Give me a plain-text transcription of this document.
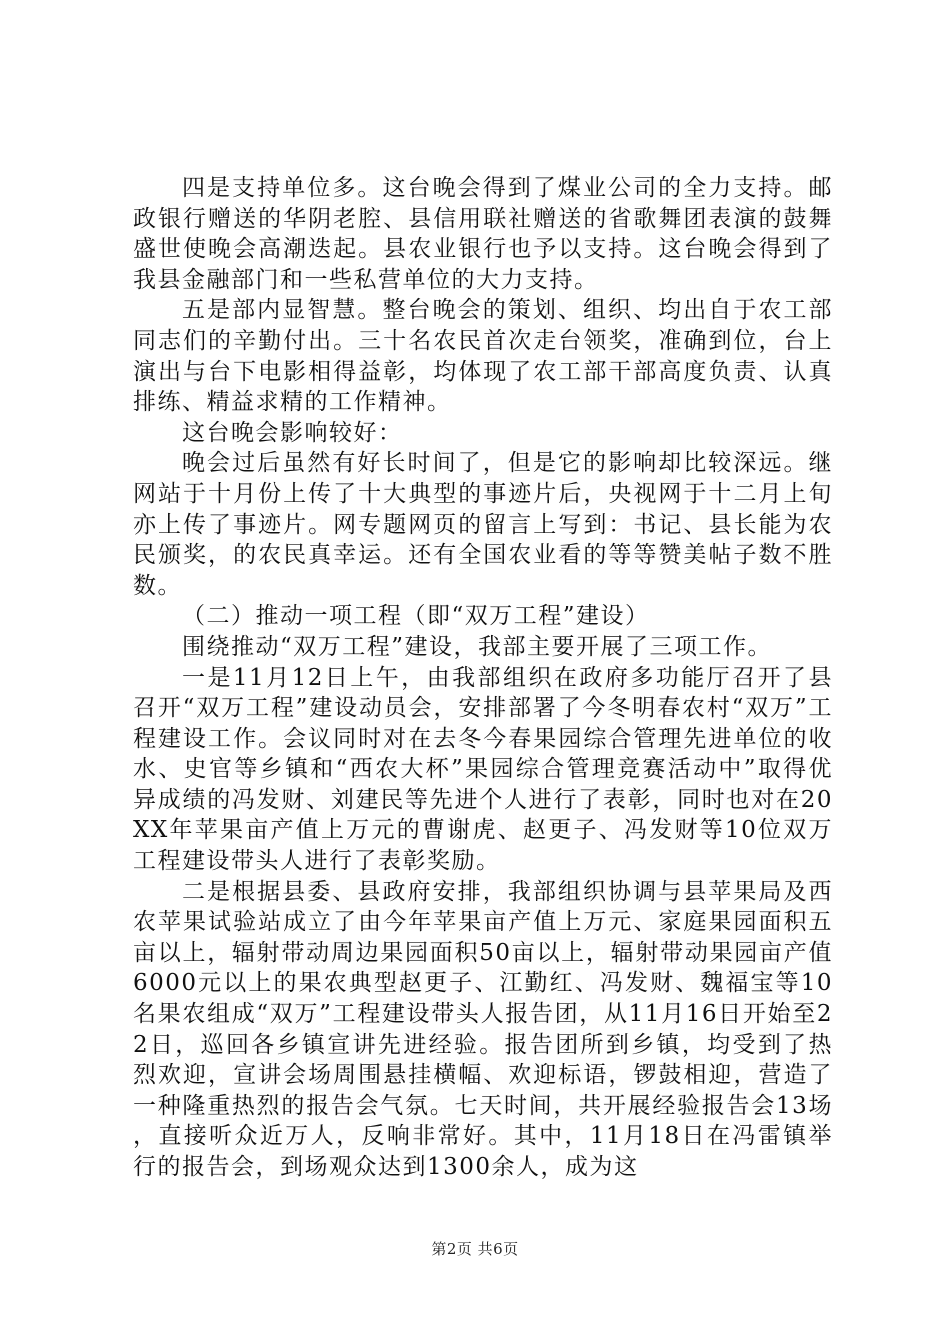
四是支持单位多。这台晚会得到了煤业公司的全力支持。邮政银行赠送的华阴老腔、县信用联社赠送的省歌舞团表演的鼓舞盛世使晚会高潮迭起。县农业银行也予以支持。这台晚会得到了我县金融部门和一些私营单位的大力支持。

五是部内显智慧。整台晚会的策划、组织、均出自于农工部同志们的辛勤付出。三十名农民首次走台领奖，准确到位，台上演出与台下电影相得益彰，均体现了农工部干部高度负责、认真排练、精益求精的工作精神。

这台晚会影响较好：

晚会过后虽然有好长时间了，但是它的影响却比较深远。继网站于十月份上传了十大典型的事迹片后，央视网于十二月上旬亦上传了事迹片。网专题网页的留言上写到：书记、县长能为农民颁奖，的农民真幸运。还有全国农业看的等等赞美帖子数不胜数。

（二）推动一项工程（即“双万工程”建设）

围绕推动“双万工程”建设，我部主要开展了三项工作。

一是11月12日上午，由我部组织在政府多功能厅召开了县召开“双万工程”建设动员会，安排部署了今冬明春农村“双万”工程建设工作。会议同时对在去冬今春果园综合管理先进单位的收水、史官等乡镇和“西农大杯”果园综合管理竞赛活动中”取得优异成绩的冯发财、刘建民等先进个人进行了表彰，同时也对在20XX年苹果亩产值上万元的曹谢虎、赵更子、冯发财等10位双万工程建设带头人进行了表彰奖励。

二是根据县委、县政府安排，我部组织协调与县苹果局及西农苹果试验站成立了由今年苹果亩产值上万元、家庭果园面积五亩以上，辐射带动周边果园面积50亩以上，辐射带动果园亩产值6000元以上的果农典型赵更子、江勤红、冯发财、魏福宝等10名果农组成“双万”工程建设带头人报告团，从11月16日开始至22日，巡回各乡镇宣讲先进经验。报告团所到乡镇，均受到了热烈欢迎，宣讲会场周围悬挂横幅、欢迎标语，锣鼓相迎，营造了一种隆重热烈的报告会气氛。七天时间，共开展经验报告会13场，直接听众近万人，反响非常好。其中，11月18日在冯雷镇举行的报告会，到场观众达到1300余人，成为这

第2页 共6页
